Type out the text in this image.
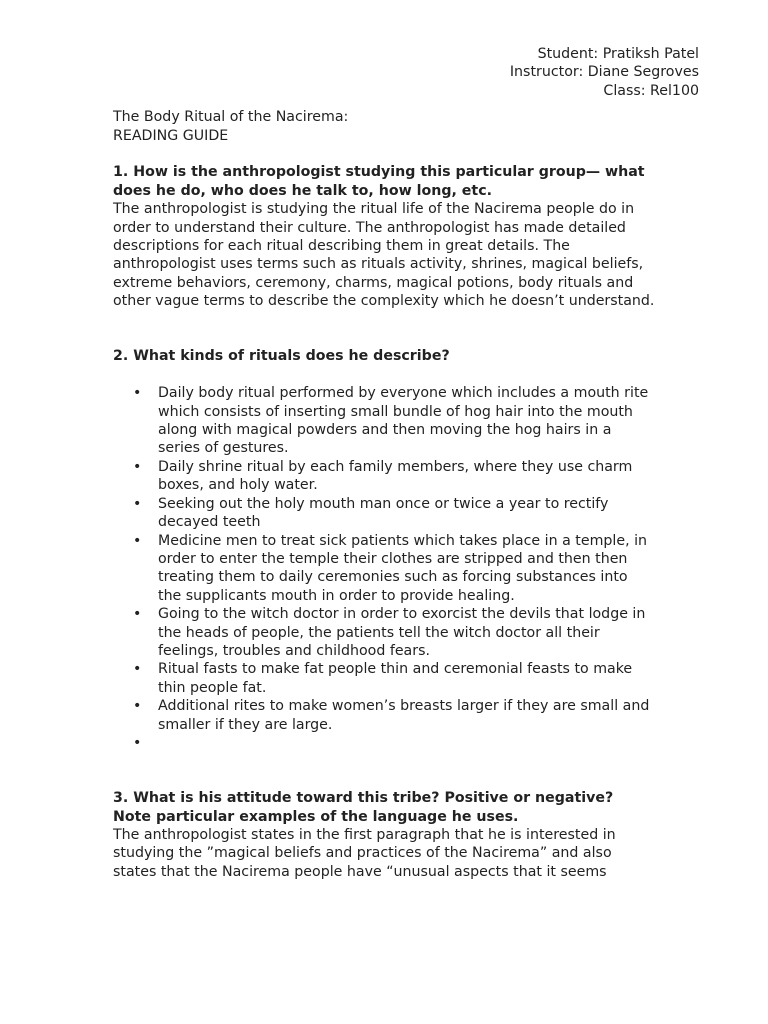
Student: Pratiksh Patel
Instructor: Diane Segroves
Class: Rel100
The Body Ritual of the Nacirema:
READING GUIDE

1. How is the anthropologist studying this particular group— what does he do, who does he talk to, how long, etc.

The anthropologist is studying the ritual life of the Nacirema people do in order to understand their culture. The anthropologist has made detailed descriptions for each ritual describing them in great details. The anthropologist uses terms such as rituals activity, shrines, magical beliefs, extreme behaviors, ceremony, charms, magical potions, body rituals and other vague terms to describe the complexity which he doesn’t understand.

2. What kinds of rituals does he describe?

• Daily body ritual performed by everyone which includes a mouth rite which consists of inserting small bundle of hog hair into the mouth along with magical powders and then moving the hog hairs in a series of gestures.
• Daily shrine ritual by each family members, where they use charm boxes, and holy water.
• Seeking out the holy mouth man once or twice a year to rectify decayed teeth
• Medicine men to treat sick patients which takes place in a temple, in order to enter the temple their clothes are stripped and then then treating them to daily ceremonies such as forcing substances into the supplicants mouth in order to provide healing.
• Going to the witch doctor in order to exorcist the devils that lodge in the heads of people, the patients tell the witch doctor all their feelings, troubles and childhood fears.
• Ritual fasts to make fat people thin and ceremonial feasts to make thin people fat.
• Additional rites to make women’s breasts larger if they are small and smaller if they are large.
•

3. What is his attitude toward this tribe? Positive or negative? Note particular examples of the language he uses.

The anthropologist states in the first paragraph that he is interested in studying the ”magical beliefs and practices of the Nacirema” and also states that the Nacirema people have “unusual aspects that it seems
